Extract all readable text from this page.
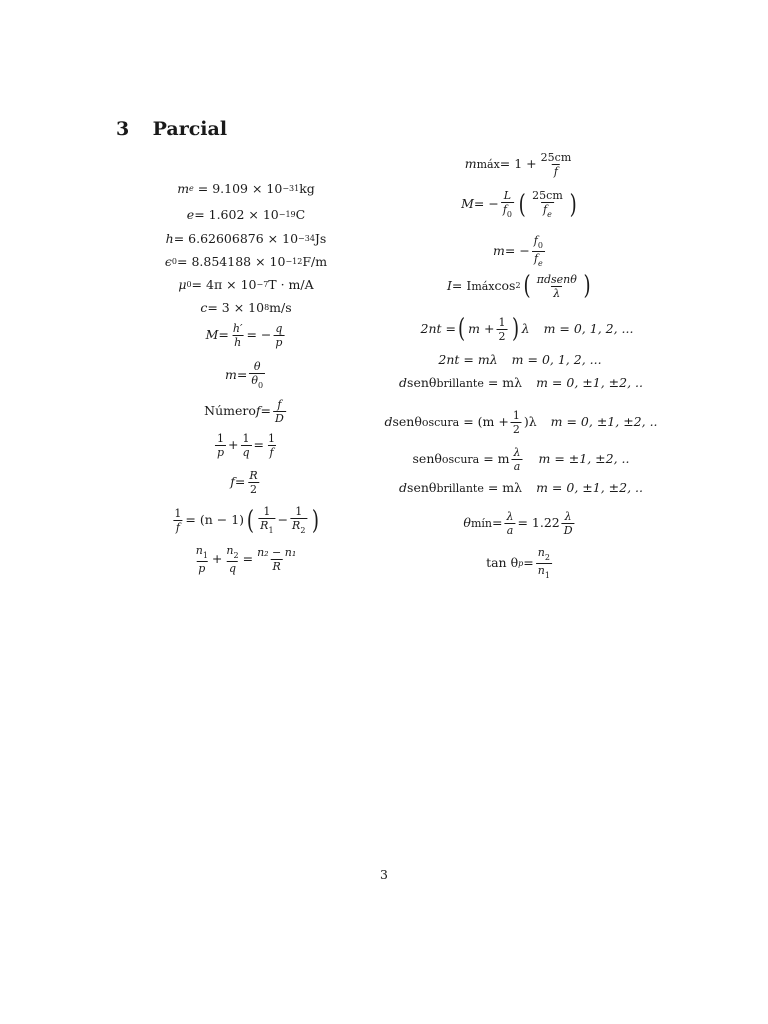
3 Parcial
m e
= 9.109 × 10 −31 kg
e = 1.602 × 10 −19 C
h = 6.62606876 × 10 −34 Js
ϵ 0 = 8.854188 × 10 −12 F/m
μ 0 = 4π × 10 −7 T · m/A
c = 3 × 10 8 m/s
$M = \frac{h'}{h}$ = − $\frac{q}{p}$
$m = \frac{\theta}{\theta_0}$
Número $f = \frac{f}{D}$
$\frac{1}{p} + \frac{1}{q} = \frac{1}{f}$
$f = \frac{R}{2}$
$\frac{1}{f} = (n - 1)$ ( $\frac{1}{R_1} - \frac{1}{R_2}$ )
$\frac{n_1}{p} + \frac{n_2}{q} = \frac{\text{n₂ − n₁}}{R}$
m máx = $1 + \frac{25cm}{f}$
M = − $\frac{L}{f_0}$ ( $\frac{25cm}{f_e}$ )
m = − $\frac{f_0}{f_e}$
I = I máx cos 2 ( $\frac{\text{πdsenθ}}{\lambda}$ )
2nt = ( $m + \frac{1}{2}$ ) λ m = 0, 1, 2, ...
2nt = mλ m = 0, 1, 2, ...
d senθ brillante
= mλ m = 0, ±1, ±2, ..
d senθ oscura
= $(m + \frac{1}{2} )\lambda$ m = 0, ±1, ±2, ..
senθ oscura
= m $\frac{\lambda}{a}$ m = ±1, ±2, ..
d senθ brillante
= mλ m = 0, ±1, ±2, ..
θ mín = $\frac{\lambda}{a} = 1.22 \frac{\lambda}{D}$
tan θ $p = \frac{n_2}{n_1}$
3
